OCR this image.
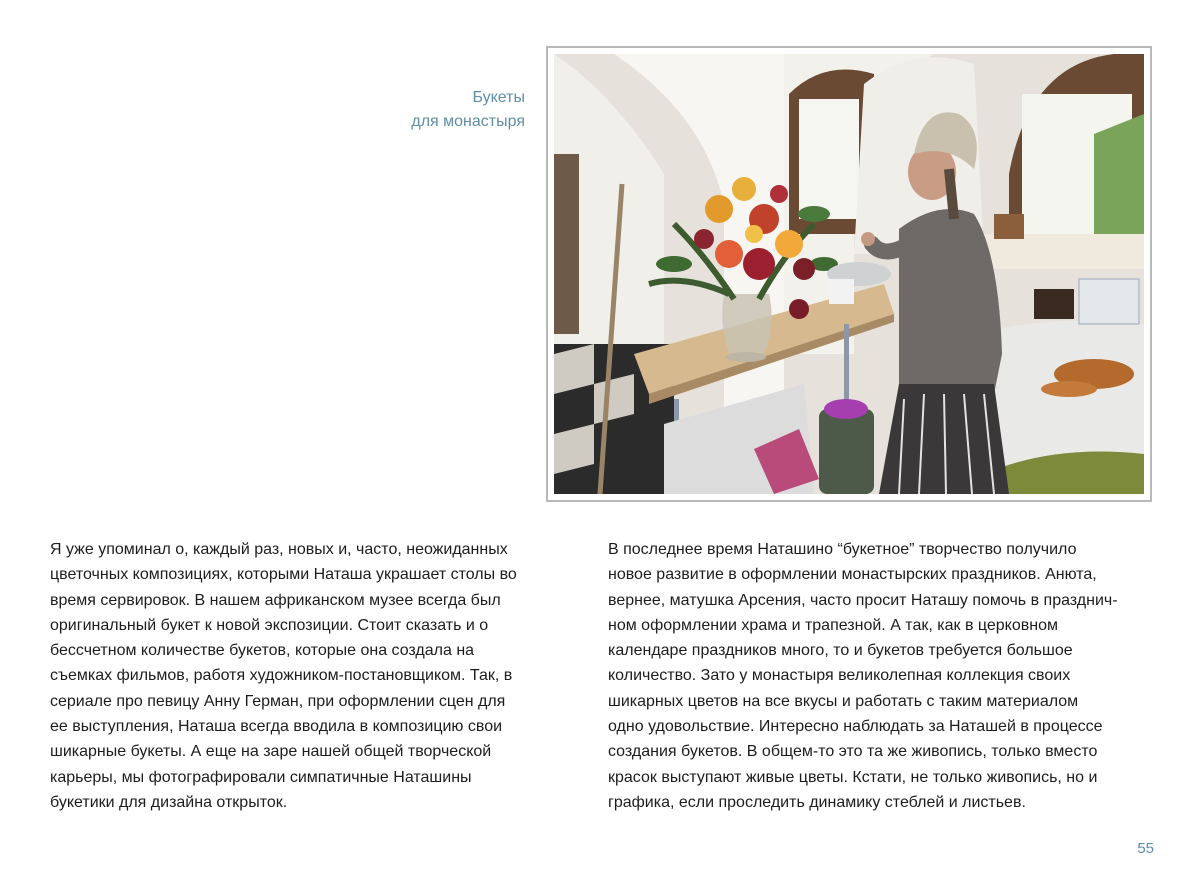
Букеты
для монастыря
Я уже упоминал о, каждый раз, новых и, часто, неожиданных
цветочных композициях, которыми Наташа украшает столы во
время сервировок. В нашем африканском музее всегда был
оригинальный букет к новой экспозиции. Стоит сказать и о
бессчетном количестве букетов, которые она создала на
съемках фильмов, работя художником-постановщиком. Так, в
сериале про певицу Анну Герман, при оформлении сцен для
ее выступления, Наташа всегда вводила в композицию свои
шикарные букеты. А еще на заре нашей общей творческой
карьеры, мы фотографировали симпатичные Наташины
букетики для дизайна открыток.
В последнее время Наташино “букетное” творчество получило
новое развитие в оформлении монастырских праздников. Анюта,
вернее, матушка Арсения, часто просит Наташу помочь в празднич-
ном оформлении храма и трапезной. А так, как в церковном
календаре праздников много, то и букетов требуется большое
количество. Зато у монастыря великолепная коллекция своих
шикарных цветов на все вкусы и работать с таким материалом
одно удовольствие. Интересно наблюдать за Наташей в процессе
создания букетов. В общем-то это та же живопись, только вместо
красок выступают живые цветы. Кстати, не только живопись, но и
графика, если проследить динамику стеблей и листьев.
55
